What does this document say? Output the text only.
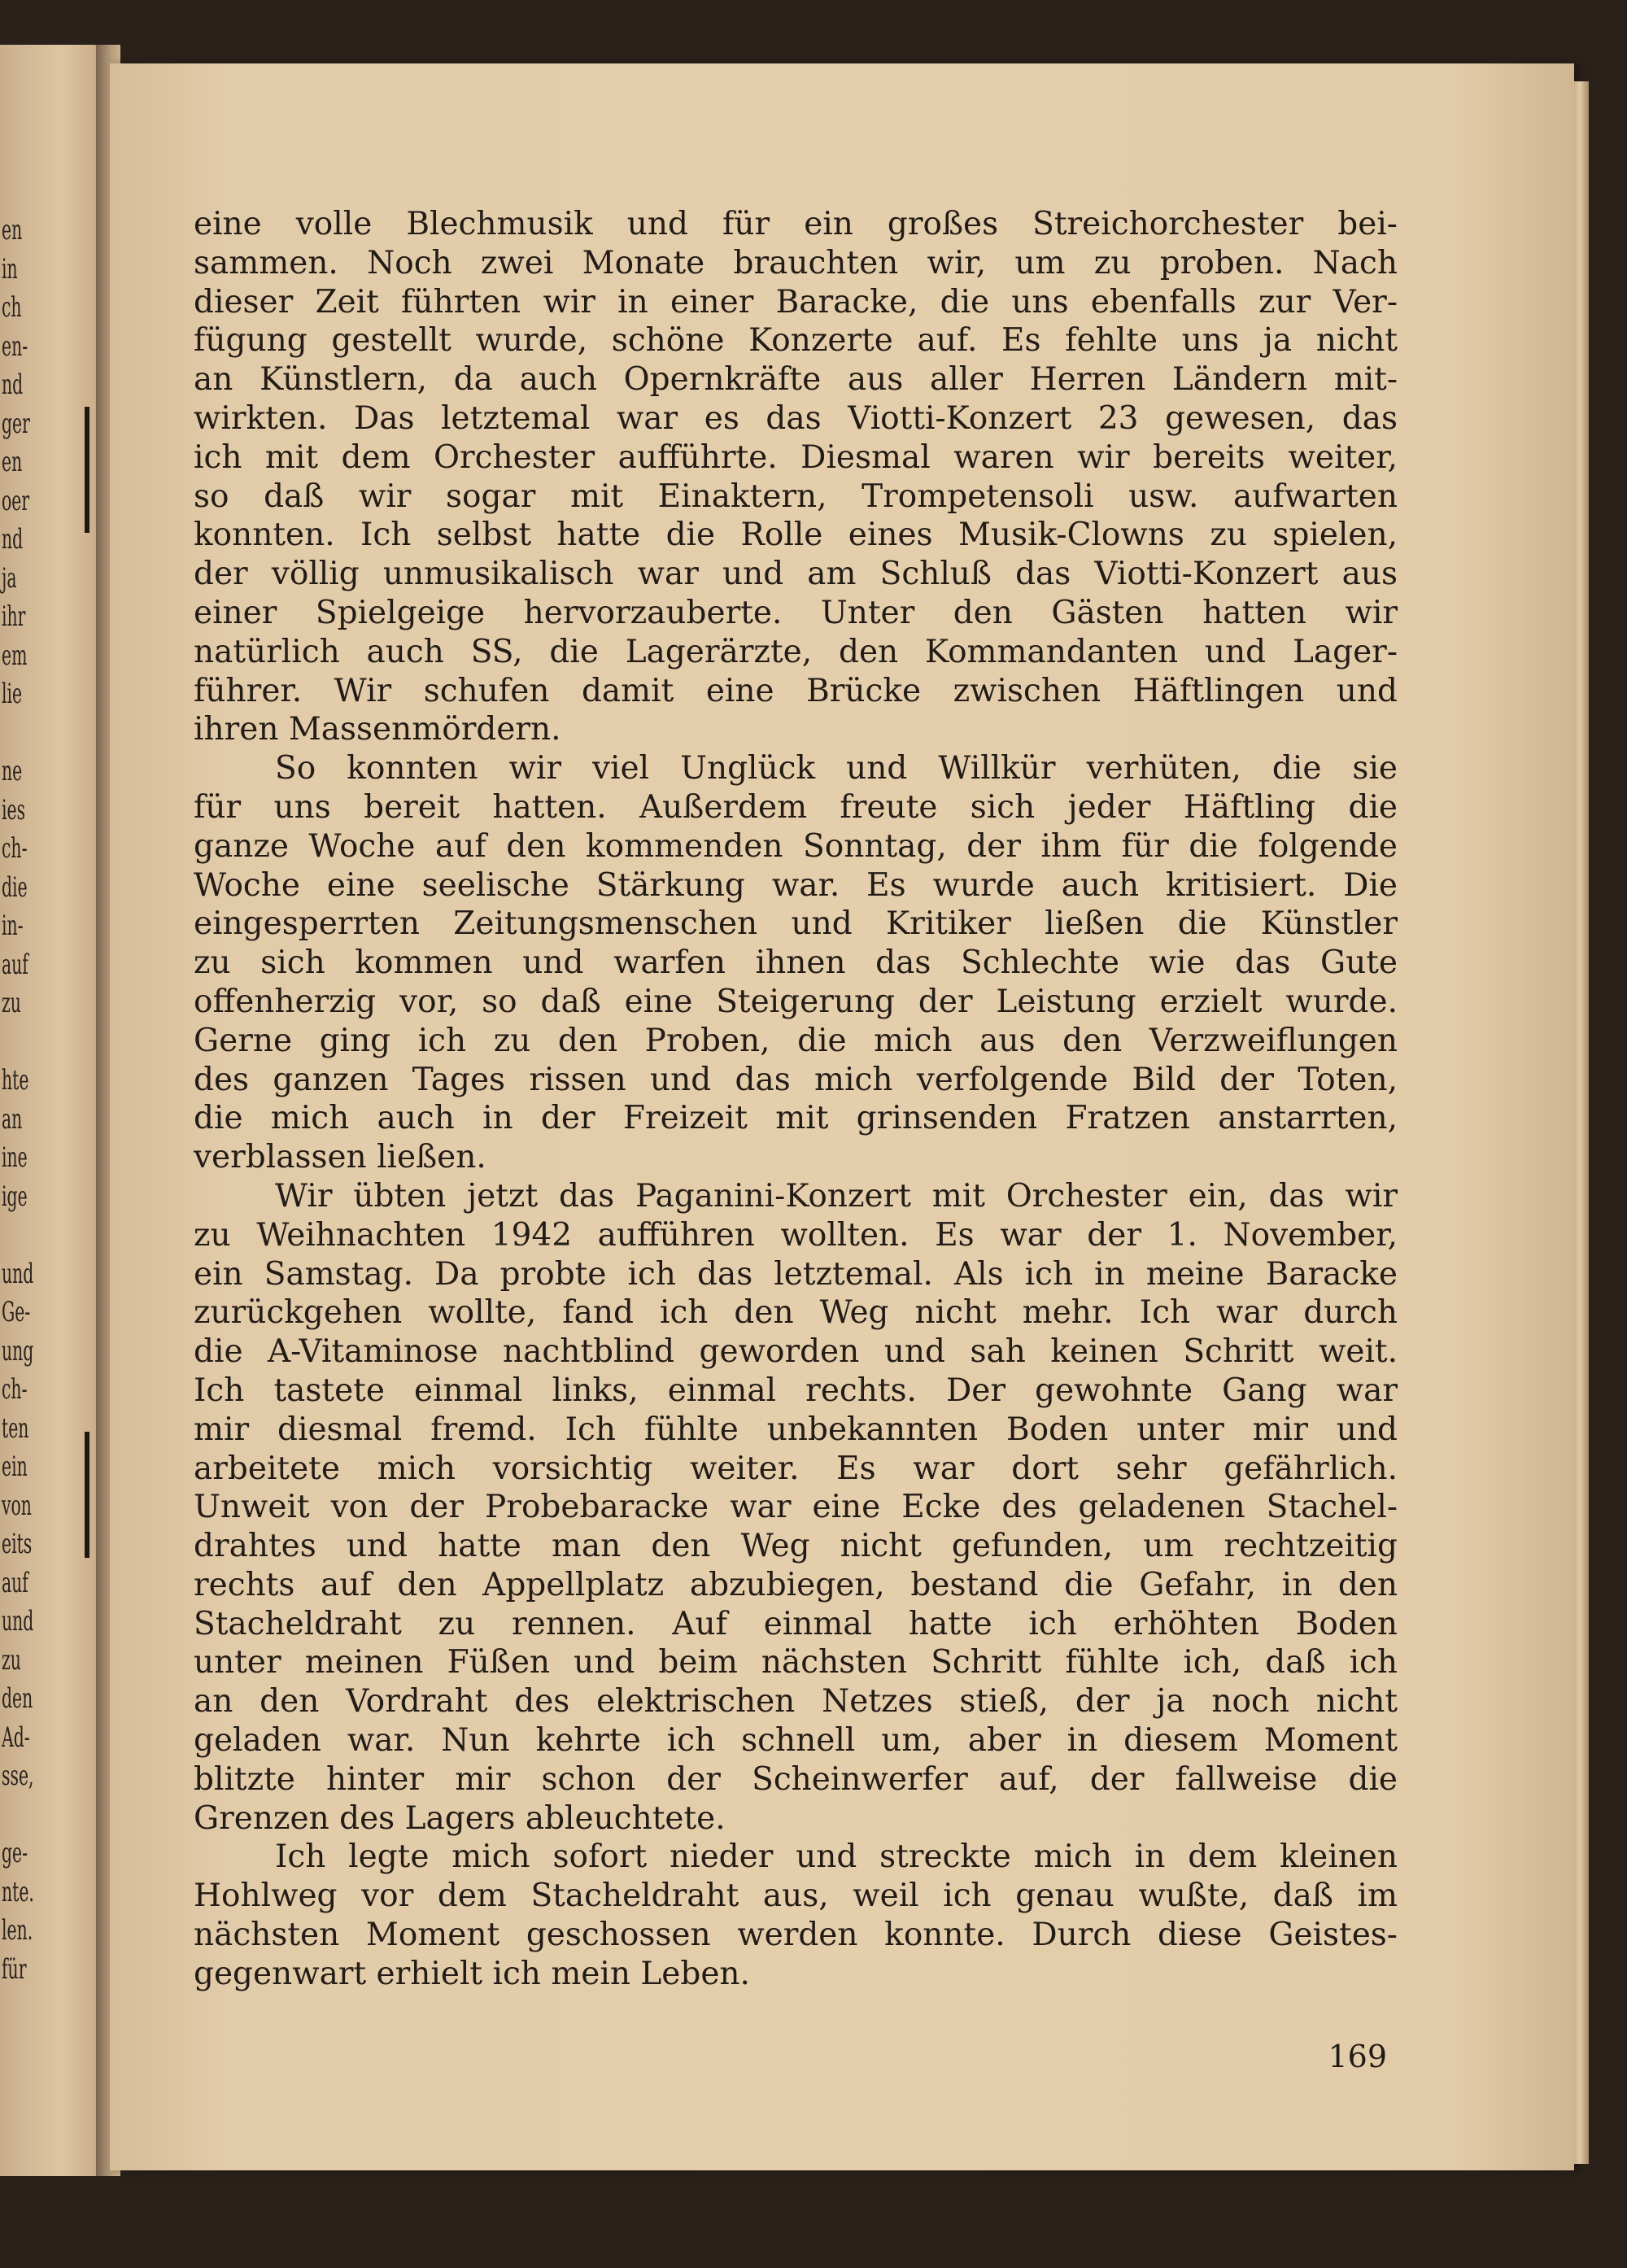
en
in
ch
en-
nd
ger
en
oer
nd
ja
ihr
em
lie
ne
ies
ch-
die
in-
auf
zu
hte
an
ine
ige
und
Ge-
ung
ch-
ten
ein
von
eits
auf
und
zu
den
Ad-
sse,
ge-
nte.
len.
für
eine volle Blechmusik und für ein großes Streichorchester bei-
sammen. Noch zwei Monate brauchten wir, um zu proben. Nach
dieser Zeit führten wir in einer Baracke, die uns ebenfalls zur Ver-
fügung gestellt wurde, schöne Konzerte auf. Es fehlte uns ja nicht
an Künstlern, da auch Opernkräfte aus aller Herren Ländern mit-
wirkten. Das letztemal war es das Viotti-Konzert 23 gewesen, das
ich mit dem Orchester aufführte. Diesmal waren wir bereits weiter,
so daß wir sogar mit Einaktern, Trompetensoli usw. aufwarten
konnten. Ich selbst hatte die Rolle eines Musik-Clowns zu spielen,
der völlig unmusikalisch war und am Schluß das Viotti-Konzert aus
einer Spielgeige hervorzauberte. Unter den Gästen hatten wir
natürlich auch SS, die Lagerärzte, den Kommandanten und Lager-
führer. Wir schufen damit eine Brücke zwischen Häftlingen und
ihren Massenmördern.
So konnten wir viel Unglück und Willkür verhüten, die sie
für uns bereit hatten. Außerdem freute sich jeder Häftling die
ganze Woche auf den kommenden Sonntag, der ihm für die folgende
Woche eine seelische Stärkung war. Es wurde auch kritisiert. Die
eingesperrten Zeitungsmenschen und Kritiker ließen die Künstler
zu sich kommen und warfen ihnen das Schlechte wie das Gute
offenherzig vor, so daß eine Steigerung der Leistung erzielt wurde.
Gerne ging ich zu den Proben, die mich aus den Verzweiflungen
des ganzen Tages rissen und das mich verfolgende Bild der Toten,
die mich auch in der Freizeit mit grinsenden Fratzen anstarrten,
verblassen ließen.
Wir übten jetzt das Paganini-Konzert mit Orchester ein, das wir
zu Weihnachten 1942 aufführen wollten. Es war der 1. November,
ein Samstag. Da probte ich das letztemal. Als ich in meine Baracke
zurückgehen wollte, fand ich den Weg nicht mehr. Ich war durch
die A-Vitaminose nachtblind geworden und sah keinen Schritt weit.
Ich tastete einmal links, einmal rechts. Der gewohnte Gang war
mir diesmal fremd. Ich fühlte unbekannten Boden unter mir und
arbeitete mich vorsichtig weiter. Es war dort sehr gefährlich.
Unweit von der Probebaracke war eine Ecke des geladenen Stachel-
drahtes und hatte man den Weg nicht gefunden, um rechtzeitig
rechts auf den Appellplatz abzubiegen, bestand die Gefahr, in den
Stacheldraht zu rennen. Auf einmal hatte ich erhöhten Boden
unter meinen Füßen und beim nächsten Schritt fühlte ich, daß ich
an den Vordraht des elektrischen Netzes stieß, der ja noch nicht
geladen war. Nun kehrte ich schnell um, aber in diesem Moment
blitzte hinter mir schon der Scheinwerfer auf, der fallweise die
Grenzen des Lagers ableuchtete.
Ich legte mich sofort nieder und streckte mich in dem kleinen
Hohlweg vor dem Stacheldraht aus, weil ich genau wußte, daß im
nächsten Moment geschossen werden konnte. Durch diese Geistes-
gegenwart erhielt ich mein Leben.
169
